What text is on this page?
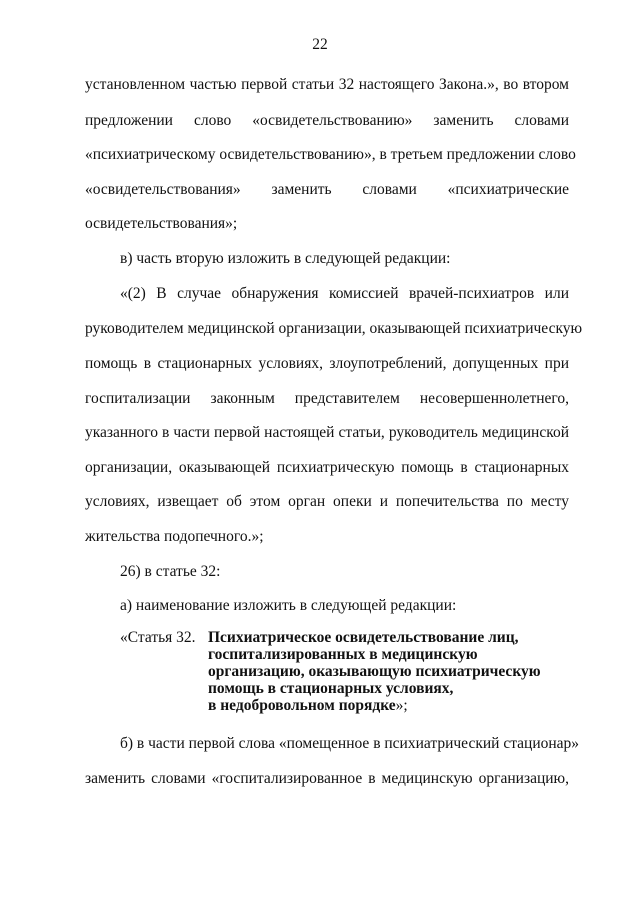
22
установленном частью первой статьи 32 настоящего Закона.», во втором
предложении слово «освидетельствованию» заменить словами
«психиатрическому освидетельствованию», в третьем предложении слово
«освидетельствования» заменить словами «психиатрические
освидетельствования»;
в) часть вторую изложить в следующей редакции:
«(2) В случае обнаружения комиссией врачей-психиатров или
руководителем медицинской организации, оказывающей психиатрическую
помощь в стационарных условиях, злоупотреблений, допущенных при
госпитализации законным представителем несовершеннолетнего,
указанного в части первой настоящей статьи, руководитель медицинской
организации, оказывающей психиатрическую помощь в стационарных
условиях, извещает об этом орган опеки и попечительства по месту
жительства подопечного.»;
26) в статье 32:
а) наименование изложить в следующей редакции:
«Статья 32. Психиатрическое освидетельствование лиц,
госпитализированных в медицинскую
организацию, оказывающую психиатрическую
помощь в стационарных условиях,
в недобровольном порядке»;
б) в части первой слова «помещенное в психиатрический стационар»
заменить словами «госпитализированное в медицинскую организацию,
